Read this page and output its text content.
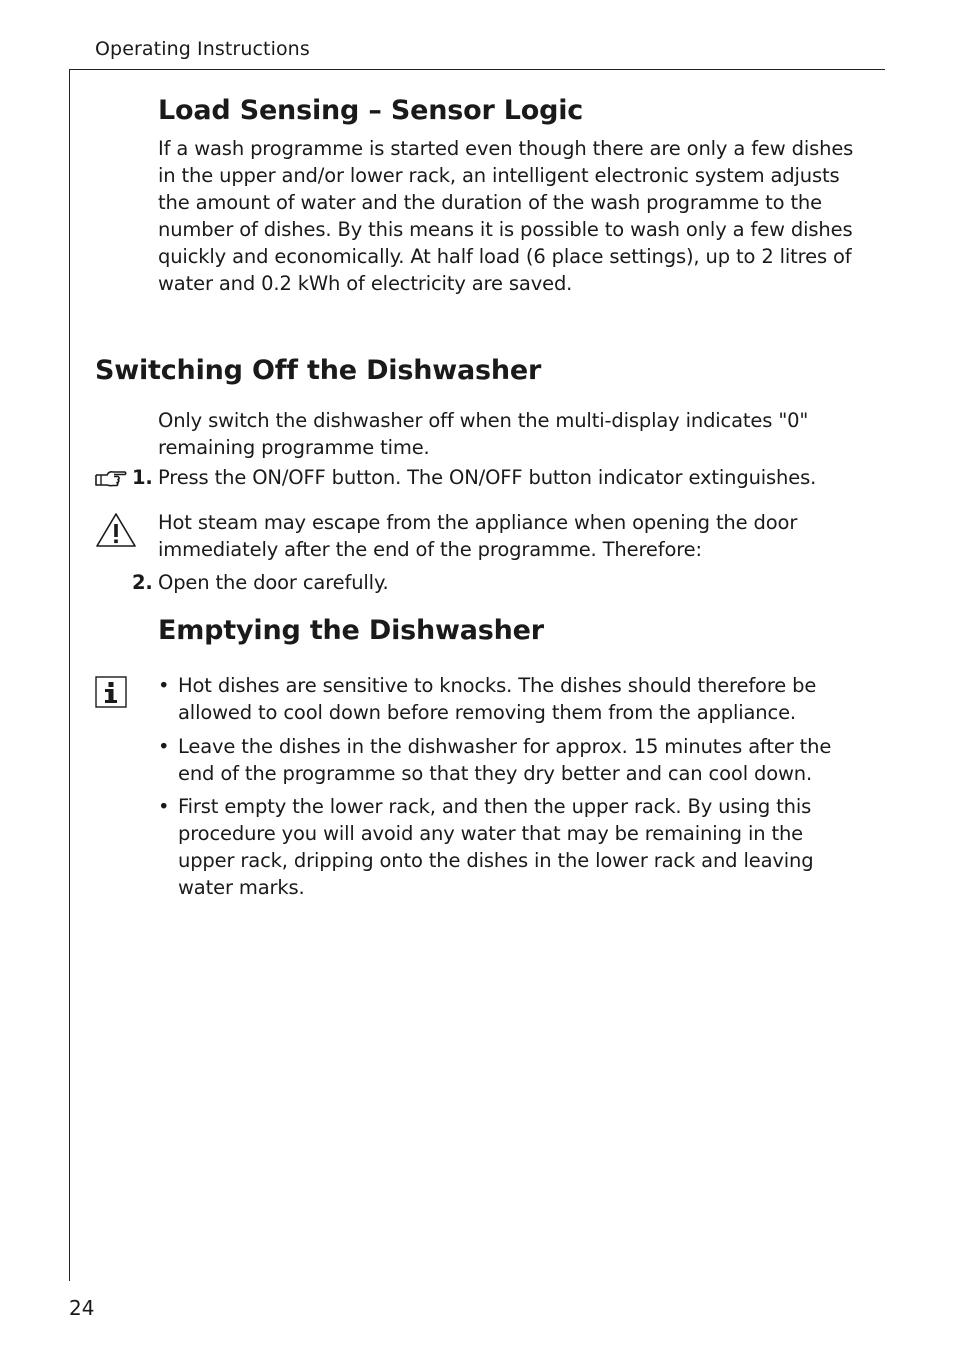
Operating Instructions
Load Sensing – Sensor Logic

If a wash programme is started even though there are only a few dishes in the upper and/or lower rack, an intelligent electronic system adjusts the amount of water and the duration of the wash programme to the number of dishes. By this means it is possible to wash only a few dishes quickly and economically. At half load (6 place settings), up to 2 litres of water and 0.2 kWh of electricity are saved.

Switching Off the Dishwasher

Only switch the dishwasher off when the multi-display indicates "0" remaining programme time.

1. Press the ON/OFF button. The ON/OFF button indicator extinguishes.

Hot steam may escape from the appliance when opening the door immediately after the end of the programme. Therefore:

2. Open the door carefully.
Emptying the Dishwasher
• Hot dishes are sensitive to knocks. The dishes should therefore be allowed to cool down before removing them from the appliance.
• Leave the dishes in the dishwasher for approx. 15 minutes after the end of the programme so that they dry better and can cool down.
• First empty the lower rack, and then the upper rack. By using this procedure you will avoid any water that may be remaining in the upper rack, dripping onto the dishes in the lower rack and leaving water marks.
24
